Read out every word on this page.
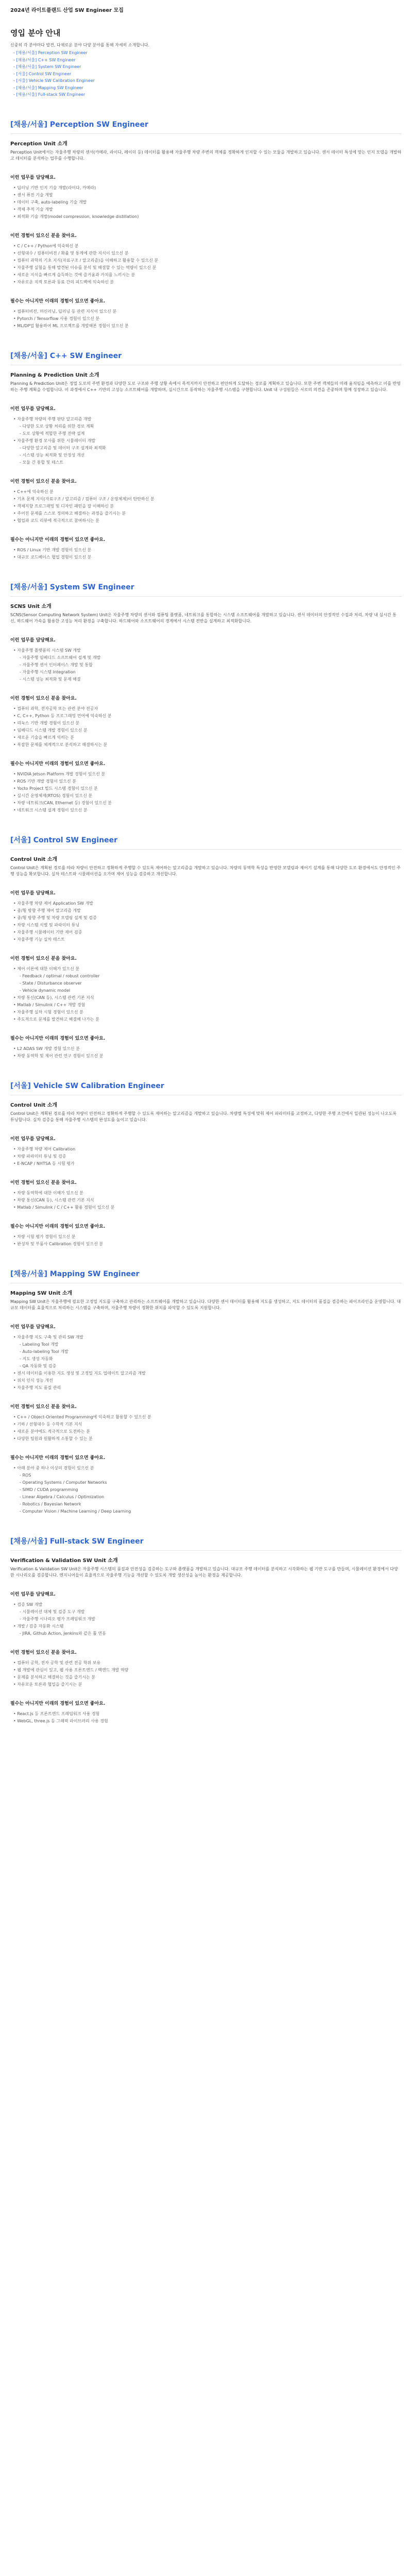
2024년 라이트플랜드 산업 SW Engineer 모집
영입 분야 안내

신중히 각 분야마다 발견, 다채로운 분야 다양 분야를 통해 자세히 소개합니다.

- [채용/서울] Perception SW Engineer
- [채용/서울] C++ SW Engineer
- [채용/서울] System SW Engineer
- [서울] Control SW Engineer
- [서울] Vehicle SW Calibration Engineer
- [채용/서울] Mapping SW Engineer
- [채용/서울] Full-stack SW Engineer
[채용/서울] Perception SW Engineer
Perception Unit 소개

Perception Unit에서는 자율주행 차량의 센서(카메라, 라이다, 레이더 등) 데이터를 활용해 자율주행 차량 주변의 객체를 정확하게 인지할 수 있는 모듈을 개발하고 있습니다. 센서 데이터 특성에 맞는 인지 모델을 개발하고 데이터를 분석하는 업무를 수행합니다.

이런 업무를 담당해요.
• 딥러닝 기반 인지 기술 개발(라이다, 카메라)
• 센서 퓨전 기술 개발
• 데이터 구축, auto-labeling 기술 개발
• 객체 추적 기술 개발
• 최적화 기술 개발(model compression, knowledge distillation)
이런 경험이 있으신 분을 찾아요.
• C / C++ / Python에 익숙하신 분
• 선형대수 / 컴퓨터비전 / 확률 및 통계에 관한 지식이 있으신 분
• 컴퓨터 과학의 기초 지식(자료구조 / 알고리즘)을 이해하고 활용할 수 있으신 분
• 자율주행 실험을 통해 발견된 이슈를 분석 및 해결할 수 있는 역량이 있으신 분
• 새로운 지식을 빠르게 습득하는 것에 즐거움과 가치를 느끼시는 분
• 자유로운 지적 토론과 동료 간의 피드백에 익숙하신 분
필수는 아니지만 이래의 경험이 있으면 좋아요.
• 컴퓨터비전, 머신러닝, 딥러닝 등 관련 지식이 있으신 분
• Pytorch / Tensorflow 사용 경험이 있으신 분
• ML/DP업 활용하여 ML 프로젝트를 개발해본 경험이 있으신 분
[채용/서울] C++ SW Engineer
Planning & Prediction Unit 소개

Planning & Prediction Unit은 정밀 도로의 주변 환경과 다양한 도로 구조와 주행 상황 속에서 목적지까지 안전하고 편안하게 도달하는 경로를 계획하고 있습니다. 또한 주변 객체들의 미래 움직임을 예측하고 이를 반영하는 주행 계획을 수립합니다. 이 과정에서 C++ 기반의 고성능 소프트웨어를 개발하며, 실시간으로 동작하는 자율주행 시스템을 구현합니다. Unit 내 구성원들은 서로의 의견을 존중하며 함께 성장하고 있습니다.

이런 업무를 담당해요.
• 자율주행 차량의 주행 판단 알고리즘 개발
- 다양한 도로 상황 처리를 위한 경로 계획
- 도로 상황에 적합한 주행 전략 설계
• 자율주행 환경 모사를 위한 시뮬레이터 개발
- 다양한 알고리즘 및 데이터 구조 설계와 최적화
- 시스템 성능 최적화 및 안정성 개선
- 모듈 간 통합 및 테스트
이런 경험이 있으신 분을 찾아요.
• C++에 익숙하신 분
• 기초 문제 지식(자료구조 / 알고리즘 / 컴퓨터 구조 / 운영체제)이 탄탄하신 분
• 객체지향 프로그래밍 및 디자인 패턴을 잘 이해하신 분
• 주어진 문제를 스스로 정의하고 해결하는 과정을 즐기시는 분
• 협업과 코드 리뷰에 적극적으로 참여하시는 분
필수는 아니지만 이래의 경험이 있으면 좋아요.
• ROS / Linux 기반 개발 경험이 있으신 분
• 대규모 코드베이스 협업 경험이 있으신 분
[채용/서울] System SW Engineer
SCNS Unit 소개

SCNS(Sensor Computing Network System) Unit은 자율주행 차량의 센서와 컴퓨팅 플랫폼, 네트워크를 통합하는 시스템 소프트웨어를 개발하고 있습니다. 센서 데이터의 안정적인 수집과 처리, 차량 내 실시간 통신, 하드웨어 가속을 활용한 고성능 처리 환경을 구축합니다. 하드웨어와 소프트웨어의 경계에서 시스템 전반을 설계하고 최적화합니다.

이런 업무를 담당해요.
• 자율주행 플랫폼의 시스템 SW 개발
- 자율주행 임베디드 소프트웨어 설계 및 개발
- 자율주행 센서 인터페이스 개발 및 통합
- 자율주행 시스템 Integration
- 시스템 성능 최적화 및 문제 해결
이런 경험이 있으신 분을 찾아요.
• 컴퓨터 과학, 전자공학 또는 관련 분야 전공자
• C, C++, Python 등 프로그래밍 언어에 익숙하신 분
• 리눅스 기반 개발 경험이 있으신 분
• 임베디드 시스템 개발 경험이 있으신 분
• 새로운 기술을 빠르게 익히는 분
• 복잡한 문제를 체계적으로 분석하고 해결하시는 분
필수는 아니지만 이래의 경험이 있으면 좋아요.
• NVIDIA Jetson Platform 개발 경험이 있으신 분
• ROS 기반 개발 경험이 있으신 분
• Yocto Project 빌드 시스템 경험이 있으신 분
• 실시간 운영체제(RTOS) 경험이 있으신 분
• 차량 네트워크(CAN, Ethernet 등) 경험이 있으신 분
• 네트워크 시스템 설계 경험이 있으신 분
[서울] Control SW Engineer
Control Unit 소개

Control Unit은 계획된 경로를 따라 차량이 안전하고 정확하게 주행할 수 있도록 제어하는 알고리즘을 개발하고 있습니다. 차량의 동역학 특성을 반영한 모델링과 제어기 설계를 통해 다양한 도로 환경에서도 안정적인 주행 성능을 확보합니다. 실차 테스트와 시뮬레이션을 오가며 제어 성능을 검증하고 개선합니다.

이런 업무를 담당해요.
• 자율주행 차량 제어 Application SW 개발
• 종/횡 방향 주행 제어 알고리즘 개발
• 종/횡 방향 주행 및 차량 모델링 설계 및 검증
• 차량 시스템 식별 및 파라미터 튜닝
• 자율주행 시뮬레이터 기반 제어 검증
• 자율주행 기능 실차 테스트
이런 경험이 있으신 분을 찾아요.
• 제어 이론에 대한 이해가 있으신 분
- Feedback / optimal / robust controller
- State / Disturbance observer
- Vehicle dynamic model
• 차량 통신(CAN 등), 시스템 관련 기본 지식
• Matlab / Simulink / C++ 개발 경험
• 자율주행 실차 시험 경험이 있으신 분
• 주도적으로 문제를 발견하고 해결해 나가는 분
필수는 아니지만 이래의 경험이 있으면 좋아요.
• L2 ADAS SW 개발 경험 있으신 분
• 차량 동역학 및 제어 관련 연구 경험이 있으신 분
[서울] Vehicle SW Calibration Engineer
Control Unit 소개

Control Unit은 계획된 경로를 따라 차량이 안전하고 정확하게 주행할 수 있도록 제어하는 알고리즘을 개발하고 있습니다. 차량별 특성에 맞춰 제어 파라미터를 교정하고, 다양한 주행 조건에서 일관된 성능이 나오도록 튜닝합니다. 실차 검증을 통해 자율주행 시스템의 완성도를 높이고 있습니다.

이런 업무를 담당해요.
• 자율주행 차량 제어 Calibration
• 차량 파라미터 튜닝 및 검증
• E-NCAP / NHTSA 등 시험 평가
이런 경험이 있으신 분을 찾아요.
• 차량 동역학에 대한 이해가 있으신 분
• 차량 통신(CAN 등), 시스템 관련 기본 지식
• Matlab / Simulink / C / C++ 활용 경험이 있으신 분
필수는 아니지만 이래의 경험이 있으면 좋아요.
• 차량 시험 평가 경험이 있으신 분
• 완성차 및 부품사 Calibration 경험이 있으신 분
[채용/서울] Mapping SW Engineer
Mapping SW Unit 소개

Mapping SW Unit은 자율주행에 필요한 고정밀 지도를 구축하고 관리하는 소프트웨어를 개발하고 있습니다. 다양한 센서 데이터를 활용해 지도를 생성하고, 지도 데이터의 품질을 검증하는 파이프라인을 운영합니다. 대규모 데이터를 효율적으로 처리하는 시스템을 구축하며, 자율주행 차량이 정확한 위치를 파악할 수 있도록 지원합니다.

이런 업무를 담당해요.
• 자율주행 지도 구축 및 관리 SW 개발
- Labeling Tool 개발
- Auto-labeling Tool 개발
- 지도 생성 자동화
- QA 자동화 및 검증
• 센서 데이터를 이용한 지도 생성 및 고정밀 지도 업데이트 알고리즘 개발
• 위치 인식 성능 개선
• 자율주행 지도 품질 관리
이런 경험이 있으신 분을 찾아요.
• C++ / Object-Oriented Programming에 익숙하고 활용할 수 있으신 분
• 기하 / 선형대수 등 수학적 기본 지식
• 새로운 분야에도 적극적으로 도전하는 분
• 다양한 팀원과 원활하게 소통할 수 있는 분
필수는 아니지만 이래의 경험이 있으면 좋아요.
• 아래 분야 중 하나 이상의 경험이 있으신 분
- ROS
- Operating Systems / Computer Networks
- SIMD / CUDA programming
- Linear Algebra / Calculus / Optimization
- Robotics / Bayesian Network
- Computer Vision / Machine Learning / Deep Learning
[채용/서울] Full-stack SW Engineer
Verification & Validation SW Unit 소개

Verification & Validation SW Unit은 자율주행 시스템의 품질과 안전성을 검증하는 도구와 플랫폼을 개발하고 있습니다. 대규모 주행 데이터를 분석하고 시각화하는 웹 기반 도구를 만들며, 시뮬레이션 환경에서 다양한 시나리오를 검증합니다. 엔지니어들이 효율적으로 자율주행 기능을 개선할 수 있도록 개발 생산성을 높이는 환경을 제공합니다.

이런 업무를 담당해요.
• 검증 SW 개발
- 시뮬레이션 대체 및 검증 도구 개발
- 자율주행 시나리오 평가 프레임워크 개발
• 개발 / 검증 자동화 시스템
- JIRA, Github Action, Jenkins와 같은 툴 연동
이런 경험이 있으신 분을 찾아요.
• 컴퓨터 공학, 전자 공학 및 관련 전공 학위 보유
• 웹 개발에 관심이 있고, 웹 사용 프론트엔드 / 백엔드 개발 역량
• 문제를 분석하고 해결하는 것을 즐기시는 분
• 자유로운 토론과 협업을 즐기시는 분
필수는 아니지만 이래의 경험이 있으면 좋아요.
• React.js 등 프론트엔드 프레임워크 사용 경험
• WebGL, three.js 등 그래픽 라이브러리 사용 경험
